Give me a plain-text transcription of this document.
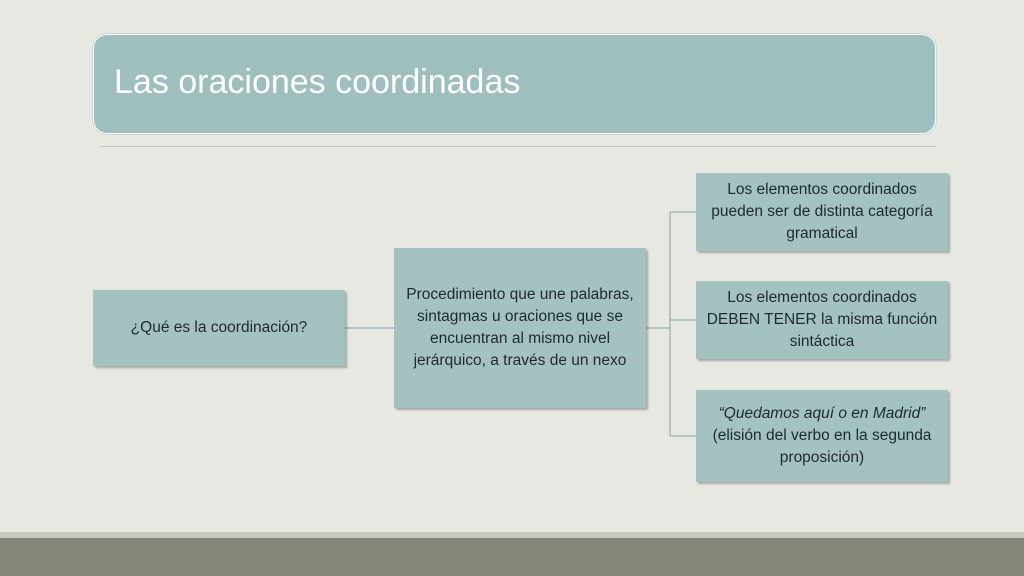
Las oraciones coordinadas
¿Qué es la coordinación?
Procedimiento que une palabras, sintagmas u oraciones que se encuentran al mismo nivel jerárquico, a través de un nexo
Los elementos coordinados pueden ser de distinta categoría gramatical
Los elementos coordinados DEBEN TENER la misma función sintáctica
“Quedamos aquí o en Madrid” (elisión del verbo en la segunda proposición)
